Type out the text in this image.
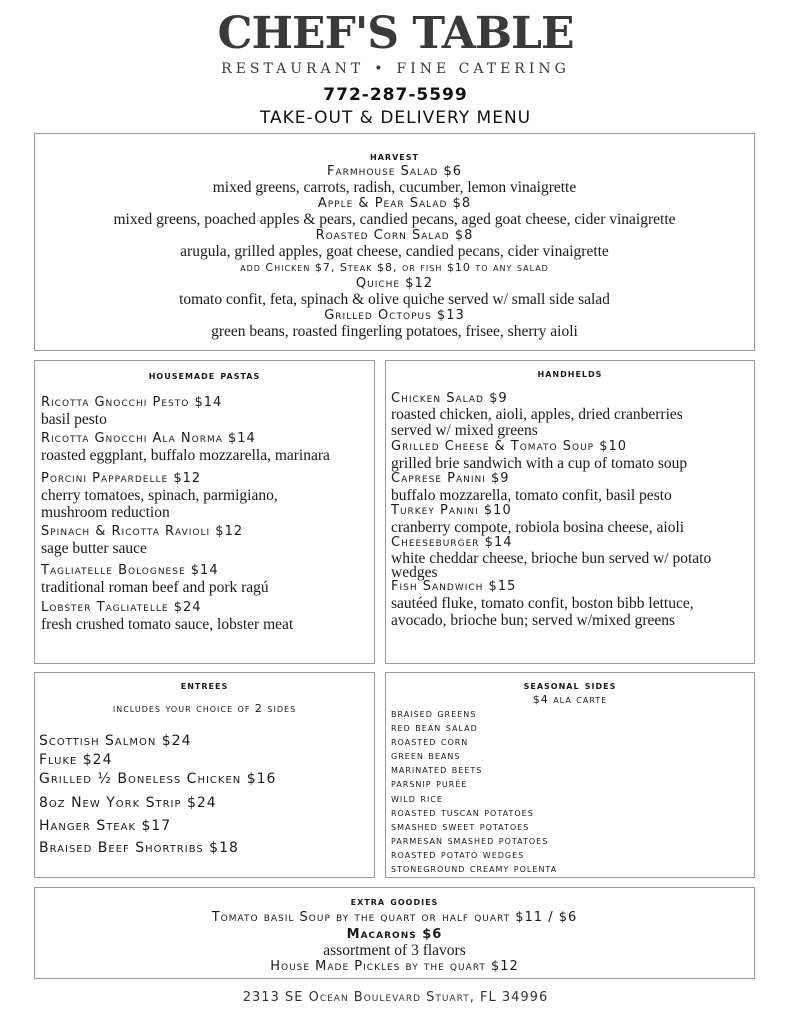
CHEF'S TABLE
RESTAURANT • FINE CATERING
772-287-5599
TAKE-OUT & DELIVERY MENU
harvest
Farmhouse Salad $6
mixed greens, carrots, radish, cucumber, lemon vinaigrette
Apple & Pear Salad $8
mixed greens, poached apples & pears, candied pecans, aged goat cheese, cider vinaigrette
Roasted Corn Salad $8
arugula, grilled apples, goat cheese, candied pecans, cider vinaigrette
add Chicken $7, Steak $8, or fish $10 to any salad
Quiche $12
tomato confit, feta, spinach & olive quiche served w/ small side salad
Grilled Octopus $13
green beans, roasted fingerling potatoes, frisee, sherry aioli
housemade pastas
Ricotta Gnocchi Pesto $14
basil pesto
Ricotta Gnocchi Ala Norma $14
roasted eggplant, buffalo mozzarella, marinara
Porcini Pappardelle $12
cherry tomatoes, spinach, parmigiano,
mushroom reduction
Spinach & Ricotta Ravioli $12
sage butter sauce
Tagliatelle Bolognese $14
traditional roman beef and pork ragú
Lobster Tagliatelle $24
fresh crushed tomato sauce, lobster meat
handhelds
Chicken Salad $9
roasted chicken, aioli, apples, dried cranberries
served w/ mixed greens
Grilled Cheese & Tomato Soup $10
grilled brie sandwich with a cup of tomato soup
Caprese Panini $9
buffalo mozzarella, tomato confit, basil pesto
Turkey Panini $10
cranberry compote, robiola bosina cheese, aioli
Cheeseburger $14
white cheddar cheese, brioche bun served w/ potato
wedges
Fish Sandwich $15
sautéed fluke, tomato confit, boston bibb lettuce,
avocado, brioche bun; served w/mixed greens
entrees
includes your choice of 2 sides
Scottish Salmon $24
Fluke $24
Grilled ½ Boneless Chicken $16
8oz New York Strip $24
Hanger Steak $17
Braised Beef Shortribs $18
seasonal sides
$4 ala carte
braised greens
red bean salad
roasted corn
green beans
marinated beets
parsnip purée
wild rice
roasted tuscan potatoes
smashed sweet potatoes
parmesan smashed potatoes
roasted potato wedges
stoneground creamy polenta
extra goodies
Tomato basil Soup by the quart or half quart $11 / $6
Macarons $6
assortment of 3 flavors
House Made Pickles by the quart $12
2313 SE Ocean Boulevard Stuart, FL 34996
